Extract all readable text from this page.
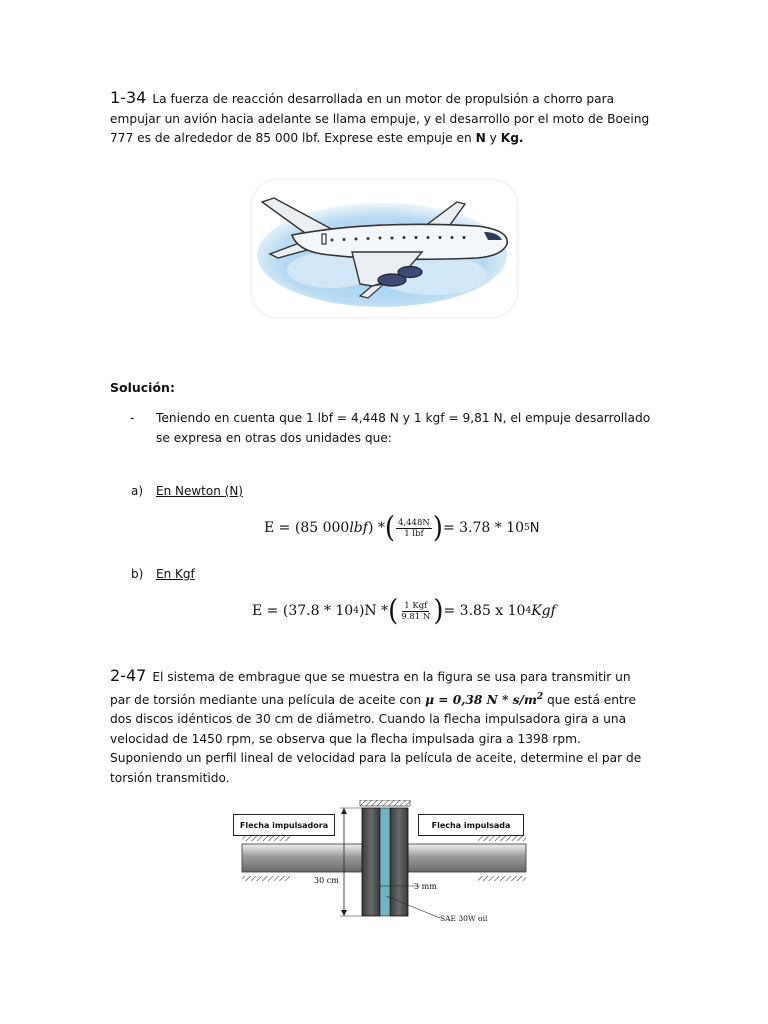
1-34 La fuerza de reacción desarrollada en un motor de propulsión a chorro para
empujar un avión hacia adelante se llama empuje, y el desarrollo por el moto de Boeing
777 es de alrededor de 85 000 lbf. Exprese este empuje en N y Kg.
Solución:
- Teniendo en cuenta que 1 lbf = 4,448 N y 1 kgf = 9,81 N, el empuje desarrollado
se expresa en otras dos unidades que:
a) En Newton (N)
E = (85 000 lbf ) * ( $\frac{4,448N}{\text{1 lbf}}$ ) = 3.78 * 10 5 N
b) En Kgf
E = (37.8 * 10 4 )N * ( $\frac{\text{1 Kgf}}{9.81 N}$ ) = 3.85 x 10 4 Kgf
2-47 El sistema de embrague que se muestra en la figura se usa para transmitir un
par de torsión mediante una película de aceite con μ = 0,38 N * $s/m^2$ que está entre
dos discos idénticos de 30 cm de diámetro. Cuando la flecha impulsadora gira a una
velocidad de 1450 rpm, se observa que la flecha impulsada gira a 1398 rpm.
Suponiendo un perfil lineal de velocidad para la película de aceite, determine el par de
torsión transmitido.
Flecha impulsadora	Flecha impulsada
30 cm
3 mm
SAE 30W oil
